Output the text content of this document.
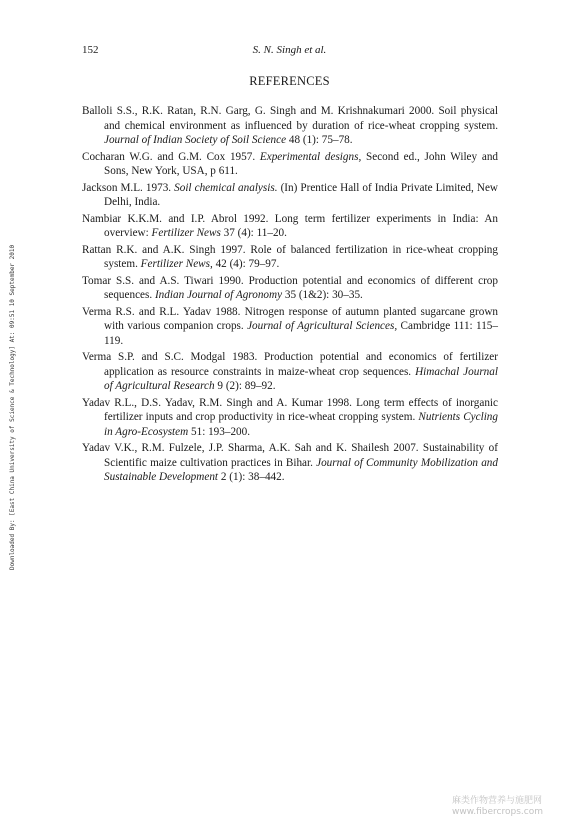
152	S. N. Singh et al.
Downloaded By: [East China University of Science & Technology] At: 09:51 10 September 2010
REFERENCES
Balloli S.S., R.K. Ratan, R.N. Garg, G. Singh and M. Krishnakumari 2000. Soil physical and chemical environment as influenced by duration of rice-wheat cropping system. Journal of Indian Society of Soil Science 48 (1): 75–78.
Cocharan W.G. and G.M. Cox 1957. Experimental designs, Second ed., John Wiley and Sons, New York, USA, p 611.
Jackson M.L. 1973. Soil chemical analysis. (In) Prentice Hall of India Private Limited, New Delhi, India.
Nambiar K.K.M. and I.P. Abrol 1992. Long term fertilizer experiments in India: An overview: Fertilizer News 37 (4): 11–20.
Rattan R.K. and A.K. Singh 1997. Role of balanced fertilization in rice-wheat cropping system. Fertilizer News, 42 (4): 79–97.
Tomar S.S. and A.S. Tiwari 1990. Production potential and economics of different crop sequences. Indian Journal of Agronomy 35 (1&2): 30–35.
Verma R.S. and R.L. Yadav 1988. Nitrogen response of autumn planted sugarcane grown with various companion crops. Journal of Agricultural Sciences, Cambridge 111: 115–119.
Verma S.P. and S.C. Modgal 1983. Production potential and economics of fertilizer application as resource constraints in maize-wheat crop sequences. Himachal Journal of Agricultural Research 9 (2): 89–92.
Yadav R.L., D.S. Yadav, R.M. Singh and A. Kumar 1998. Long term effects of inorganic fertilizer inputs and crop productivity in rice-wheat cropping system. Nutrients Cycling in Agro-Ecosystem 51: 193–200.
Yadav V.K., R.M. Fulzele, J.P. Sharma, A.K. Sah and K. Shailesh 2007. Sustainability of Scientific maize cultivation practices in Bihar. Journal of Community Mobilization and Sustainable Development 2 (1): 38–442.
麻类作物营养与施肥网
www.fibercrops.com
